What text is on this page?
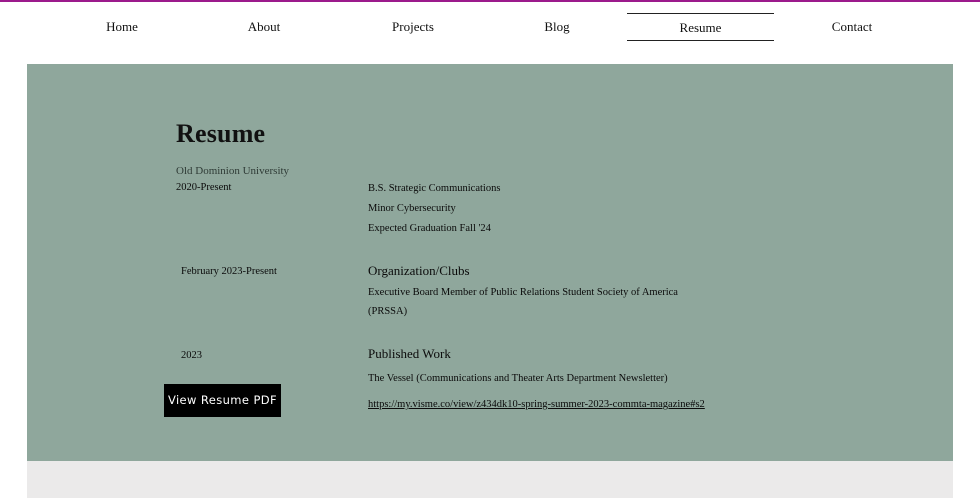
Home	About	Projects	Blog	Resume	Contact
Resume
Old Dominion University
2020-Present	B.S. Strategic Communications
Minor Cybersecurity
Expected Graduation Fall '24
February 2023-Present	Organization/Clubs
Executive Board Member of Public Relations Student Society of America
(PRSSA)
2023	Published Work
The Vessel (Communications and Theater Arts Department Newsletter)
https://my.visme.co/view/z434dk10-spring-summer-2023-commta-magazine#s2
View Resume PDF
